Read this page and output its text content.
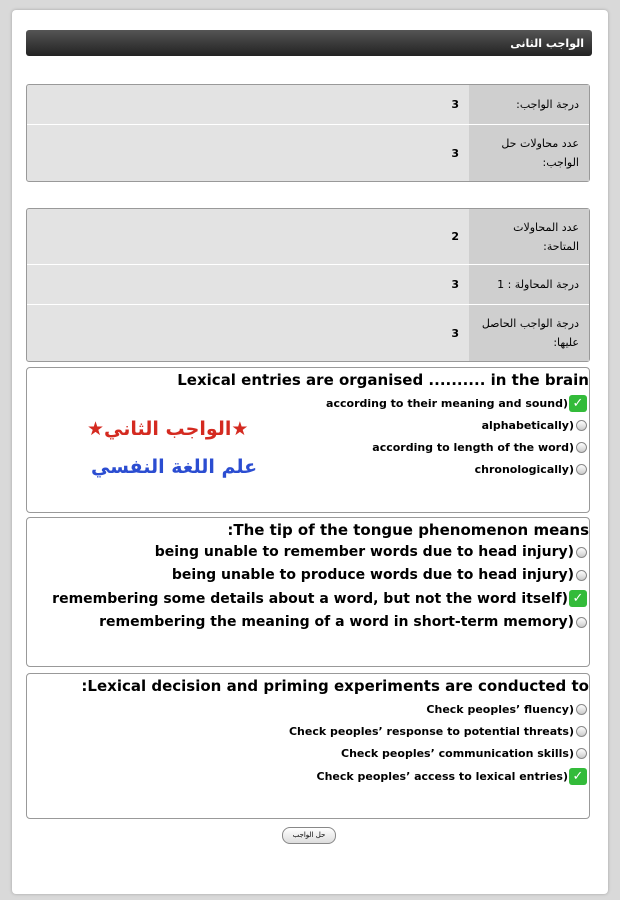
الواجب الثانى
درجة الواجب:
3
عدد محاولات حل الواجب:
3
عدد المحاولات المتاحة:
2
درجة المحاولة : 1
3
درجة الواجب الحاصل عليها:
3
Lexical entries are organised .......... in the brain
according to their meaning and sound) ✓
alphabetically)
according to length of the word)
chronologically)
★الواجب الثاني★
علم اللغة النفسي
:The tip of the tongue phenomenon means
being unable to remember words due to head injury)
being unable to produce words due to head injury)
remembering some details about a word, but not the word itself) ✓
remembering the meaning of a word in short-term memory)
:Lexical decision and priming experiments are conducted to
Check peoples’ fluency)
Check peoples’ response to potential threats)
Check peoples’ communication skills)
Check peoples’ access to lexical entries) ✓
حل الواجب
